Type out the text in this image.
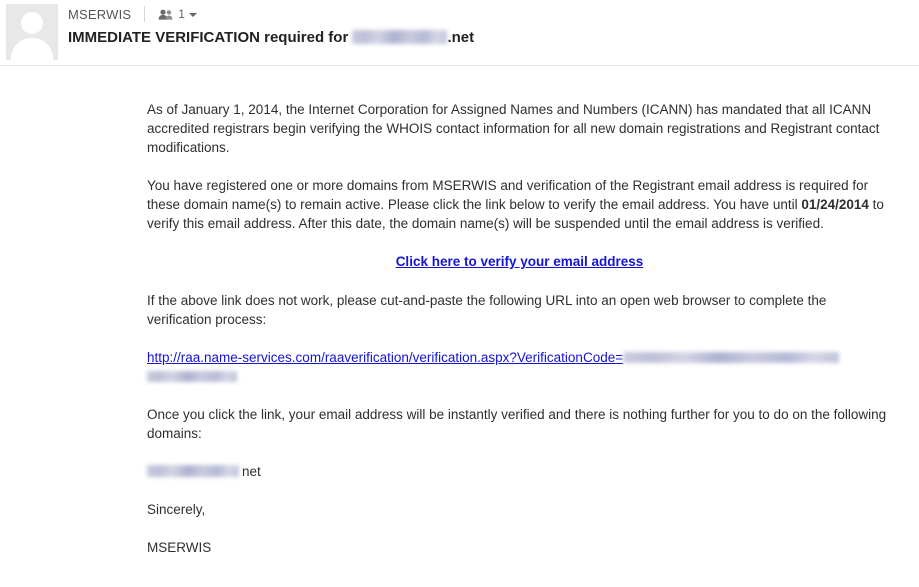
MSERWIS	1
IMMEDIATE VERIFICATION required for
	.net

As of January 1, 2014, the Internet Corporation for Assigned Names and Numbers (ICANN) has mandated that all ICANN accredited registrars begin verifying the WHOIS contact information for all new domain registrations and Registrant contact modifications.

You have registered one or more domains from MSERWIS and verification of the Registrant email address is required for these domain name(s) to remain active. Please click the link below to verify the email address. You have until 01/24/2014 to verify this email address. After this date, the domain name(s) will be suspended until the email address is verified.

Click here to verify your email address

If the above link does not work, please cut-and-paste the following URL into an open web browser to complete the verification process:

http://raa.name-services.com/raaverification/verification.aspx?VerificationCode=

Once you click the link, your email address will be instantly verified and there is nothing further for you to do on the following domains:

net

Sincerely,

MSERWIS
